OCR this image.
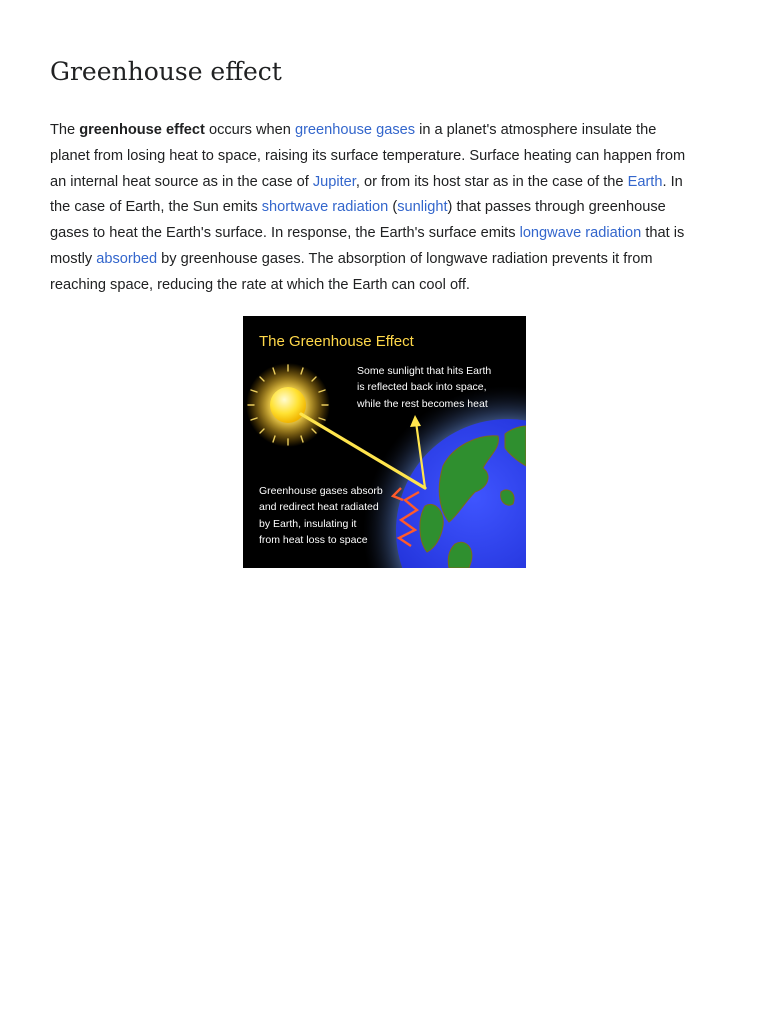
Greenhouse effect

The greenhouse effect occurs when greenhouse gases in a planet's atmosphere insulate the
planet from losing heat to space, raising its surface temperature. Surface heating can happen from
an internal heat source as in the case of Jupiter, or from its host star as in the case of the Earth. In
the case of Earth, the Sun emits shortwave radiation (sunlight) that passes through greenhouse
gases to heat the Earth's surface. In response, the Earth's surface emits longwave radiation that is
mostly absorbed by greenhouse gases. The absorption of longwave radiation prevents it from
reaching space, reducing the rate at which the Earth can cool off.

The Greenhouse Effect
Some sunlight that hits Earth
is reflected back into space,
while the rest becomes heat
Greenhouse gases absorb
and redirect heat radiated
by Earth, insulating it
from heat loss to space
